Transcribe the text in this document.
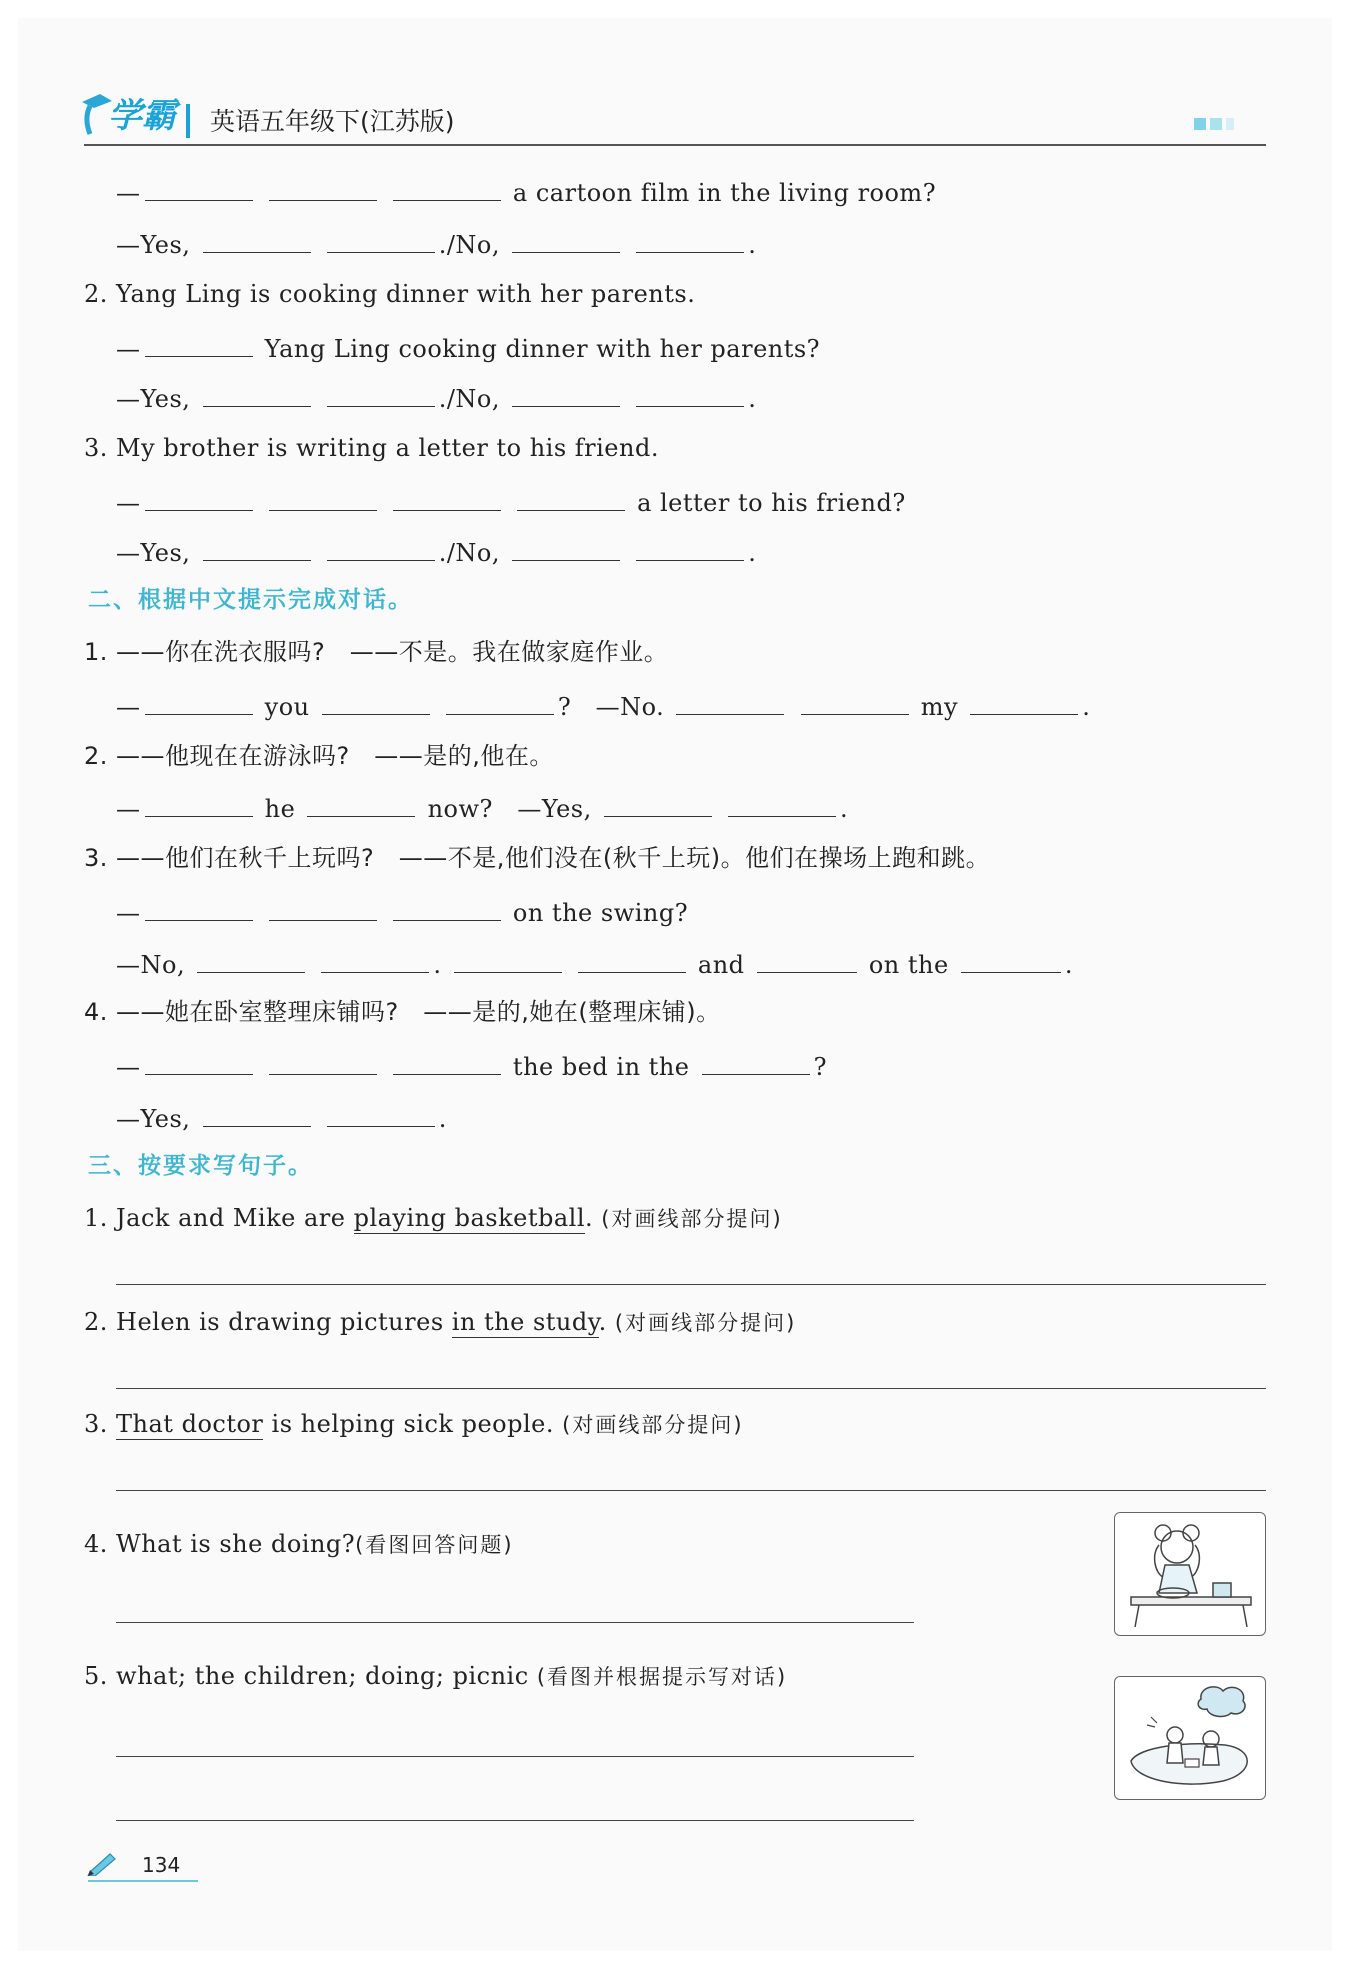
学霸 英语五年级下(江苏版)
—	a cartoon film in the living room?
—Yes,	./No,	.
2. Yang Ling is cooking dinner with her parents.
—	Yang Ling cooking dinner with her parents?
—Yes,	./No,	.
3. My brother is writing a letter to his friend.
—	a letter to his friend?
—Yes,	./No,	.
二、根据中文提示完成对话。
1. ——你在洗衣服吗?　——不是。我在做家庭作业。
—	you	? —No.	my	.
2. ——他现在在游泳吗?　——是的,他在。
—	he	now? —Yes,	.
3. ——他们在秋千上玩吗?　——不是,他们没在(秋千上玩)。他们在操场上跑和跳。
—	on the swing?
—No,	.	and	on the	.
4. ——她在卧室整理床铺吗?　——是的,她在(整理床铺)。
—	the bed in the	?
—Yes,	.
三、按要求写句子。
1. Jack and Mike are playing basketball. (对画线部分提问)
2. Helen is drawing pictures in the study. (对画线部分提问)
3. That doctor is helping sick people. (对画线部分提问)
4. What is she doing?(看图回答问题)
5. what; the children; doing; picnic (看图并根据提示写对话)
134
